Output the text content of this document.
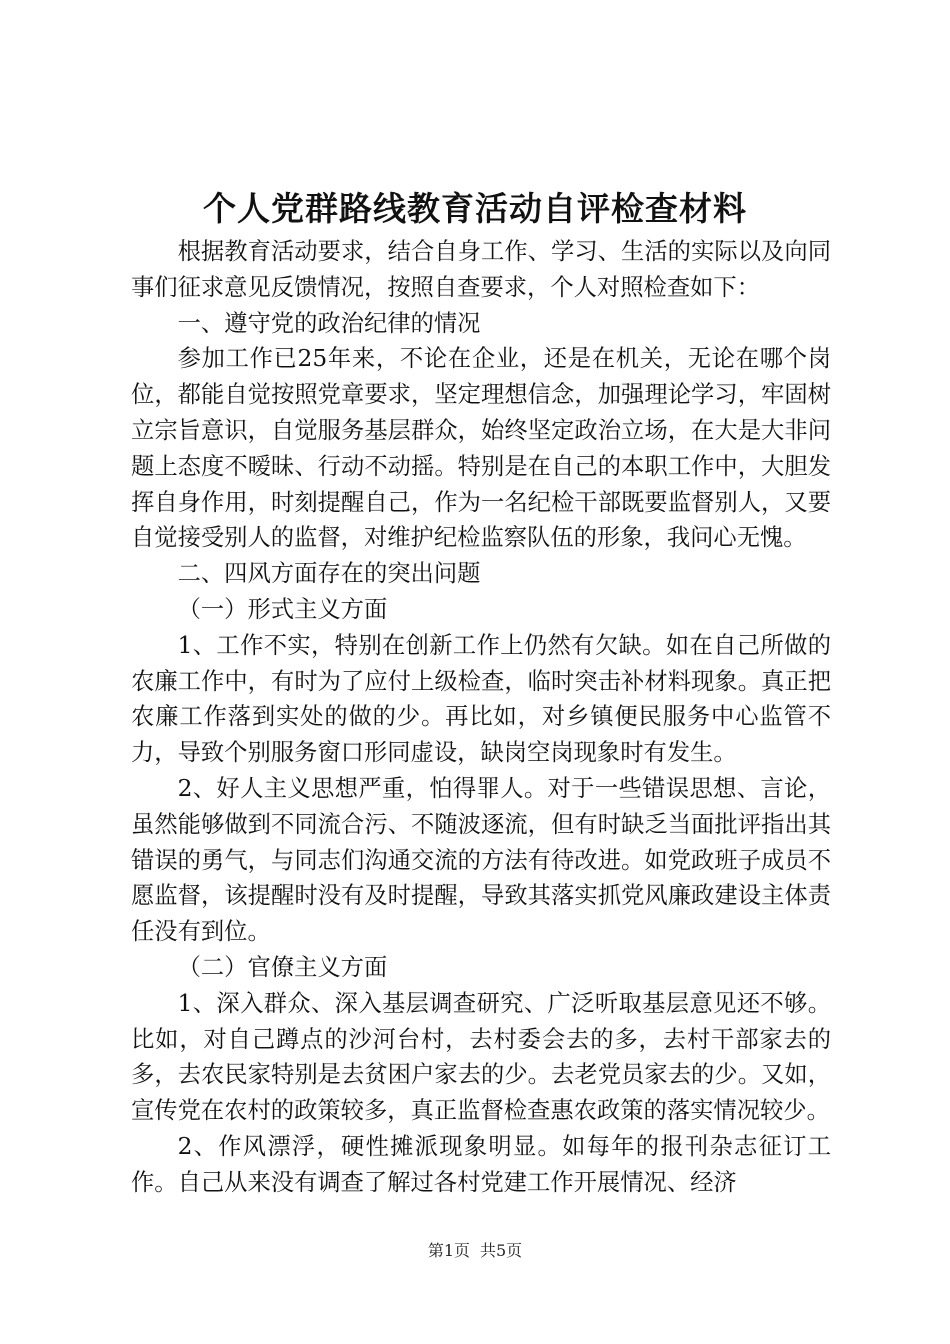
个人党群路线教育活动自评检查材料

根据教育活动要求，结合自身工作、学习、生活的实际以及向同事们征求意见反馈情况，按照自查要求，个人对照检查如下：

一、遵守党的政治纪律的情况

参加工作已25年来，不论在企业，还是在机关，无论在哪个岗位，都能自觉按照党章要求，坚定理想信念，加强理论学习，牢固树立宗旨意识，自觉服务基层群众，始终坚定政治立场，在大是大非问题上态度不暧昧、行动不动摇。特别是在自己的本职工作中，大胆发挥自身作用，时刻提醒自己，作为一名纪检干部既要监督别人，又要自觉接受别人的监督，对维护纪检监察队伍的形象，我问心无愧。

二、四风方面存在的突出问题

（一）形式主义方面

1、工作不实，特别在创新工作上仍然有欠缺。如在自己所做的农廉工作中，有时为了应付上级检查，临时突击补材料现象。真正把农廉工作落到实处的做的少。再比如，对乡镇便民服务中心监管不力，导致个别服务窗口形同虚设，缺岗空岗现象时有发生。

2、好人主义思想严重，怕得罪人。对于一些错误思想、言论，虽然能够做到不同流合污、不随波逐流，但有时缺乏当面批评指出其错误的勇气，与同志们沟通交流的方法有待改进。如党政班子成员不愿监督，该提醒时没有及时提醒，导致其落实抓党风廉政建设主体责任没有到位。

（二）官僚主义方面

1、深入群众、深入基层调查研究、广泛听取基层意见还不够。比如，对自己蹲点的沙河台村，去村委会去的多，去村干部家去的多，去农民家特别是去贫困户家去的少。去老党员家去的少。又如，宣传党在农村的政策较多，真正监督检查惠农政策的落实情况较少。

2、作风漂浮，硬性摊派现象明显。如每年的报刊杂志征订工作。自己从来没有调查了解过各村党建工作开展情况、经济

第1页 共5页
